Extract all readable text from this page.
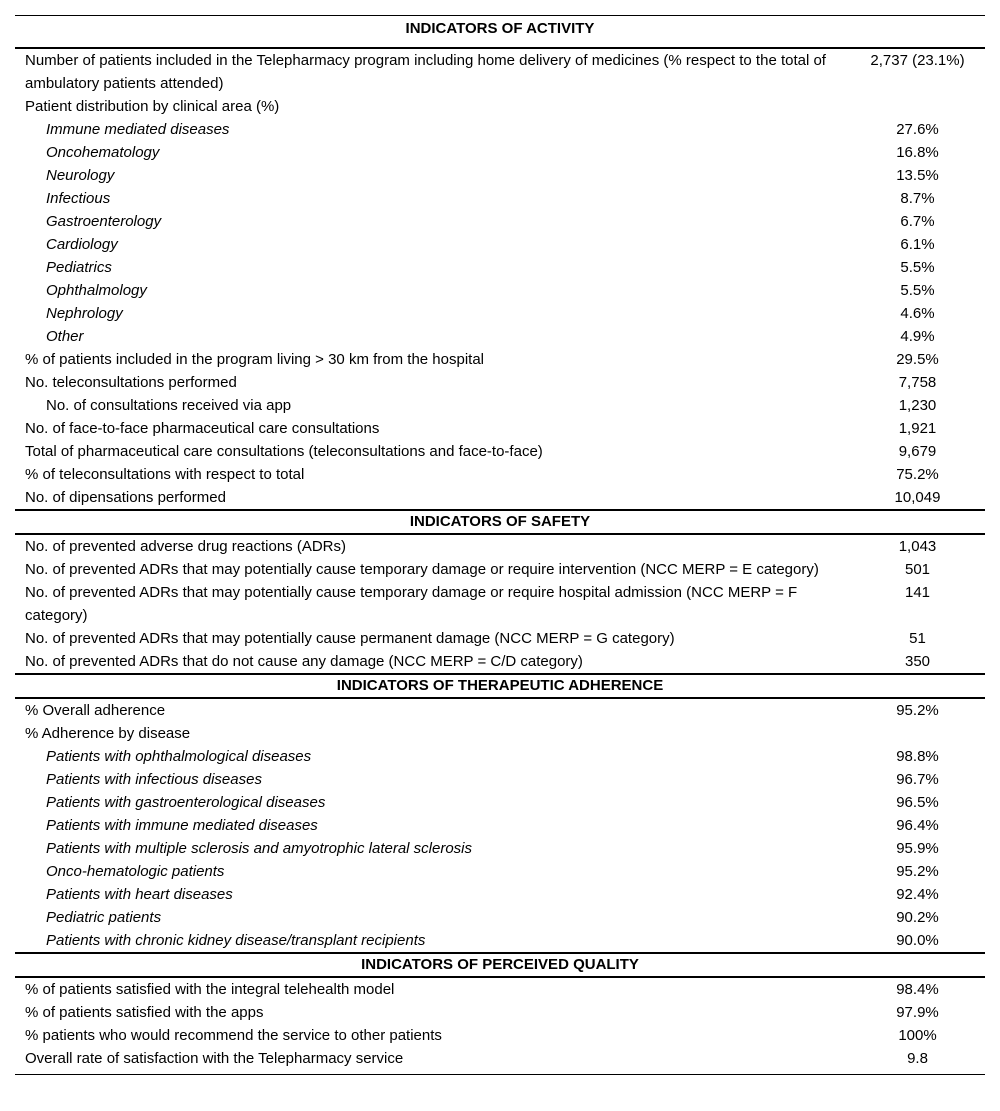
INDICATORS OF ACTIVITY	
Number of patients included in the Telepharmacy program including home delivery of medicines (% respect to the total of ambulatory patients attended)	2,737 (23.1%)
Patient distribution by clinical area (%)	
Immune mediated diseases	27.6%
Oncohematology	16.8%
Neurology	13.5%
Infectious	8.7%
Gastroenterology	6.7%
Cardiology	6.1%
Pediatrics	5.5%
Ophthalmology	5.5%
Nephrology	4.6%
Other	4.9%
% of patients included in the program living > 30 km from the hospital	29.5%
No. teleconsultations performed	7,758
No. of consultations received via app	1,230
No. of face-to-face pharmaceutical care consultations	1,921
Total of pharmaceutical care consultations (teleconsultations and face-to-face)	9,679
% of teleconsultations with respect to total	75.2%
No. of dipensations performed	10,049
INDICATORS OF SAFETY	
No. of prevented adverse drug reactions (ADRs)	1,043
No. of prevented ADRs that may potentially cause temporary damage or require intervention (NCC MERP = E category)	501
No. of prevented ADRs that may potentially cause temporary damage or require hospital admission (NCC MERP = F category)	141
No. of prevented ADRs that may potentially cause permanent damage (NCC MERP = G category)	51
No. of prevented ADRs that do not cause any damage (NCC MERP = C/D category)	350
INDICATORS OF THERAPEUTIC ADHERENCE	
% Overall adherence	95.2%
% Adherence by disease	
Patients with ophthalmological diseases	98.8%
Patients with infectious diseases	96.7%
Patients with gastroenterological diseases	96.5%
Patients with immune mediated diseases	96.4%
Patients with multiple sclerosis and amyotrophic lateral sclerosis	95.9%
Onco-hematologic patients	95.2%
Patients with heart diseases	92.4%
Pediatric patients	90.2%
Patients with chronic kidney disease/transplant recipients	90.0%
INDICATORS OF PERCEIVED QUALITY	
% of patients satisfied with the integral telehealth model	98.4%
% of patients satisfied with the apps	97.9%
% patients who would recommend the service to other patients	100%
Overall rate of satisfaction with the Telepharmacy service	9.8
